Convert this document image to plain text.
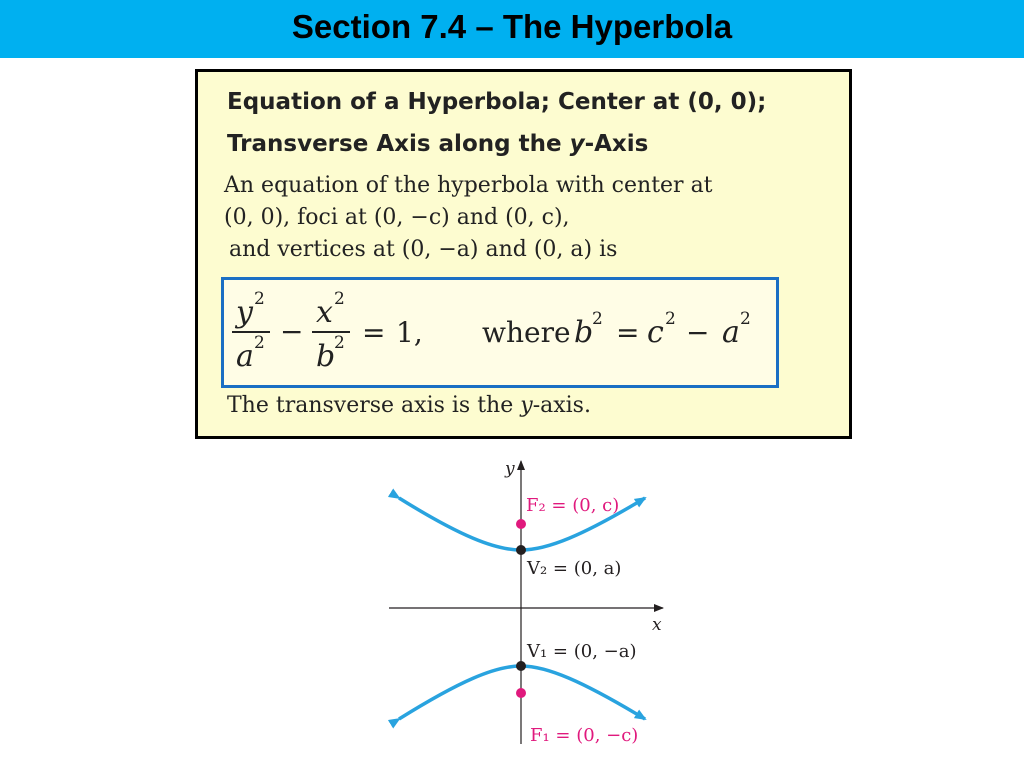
Section 7.4 – The Hyperbola
Equation of a Hyperbola; Center at (0, 0);
Transverse Axis along the y-Axis
An equation of the hyperbola with center at
(0, 0), foci at (0, −c) and (0, c),
and vertices at (0, −a) and (0, a) is
y 2
a 2 −
x 2
b
2 = 1, where b
2 = c 2 − a 2
The transverse axis is the y-axis.
y
x
F₂ = (0, c)
V₂ = (0, a)
V₁ = (0, −a)
F₁ = (0, −c)
